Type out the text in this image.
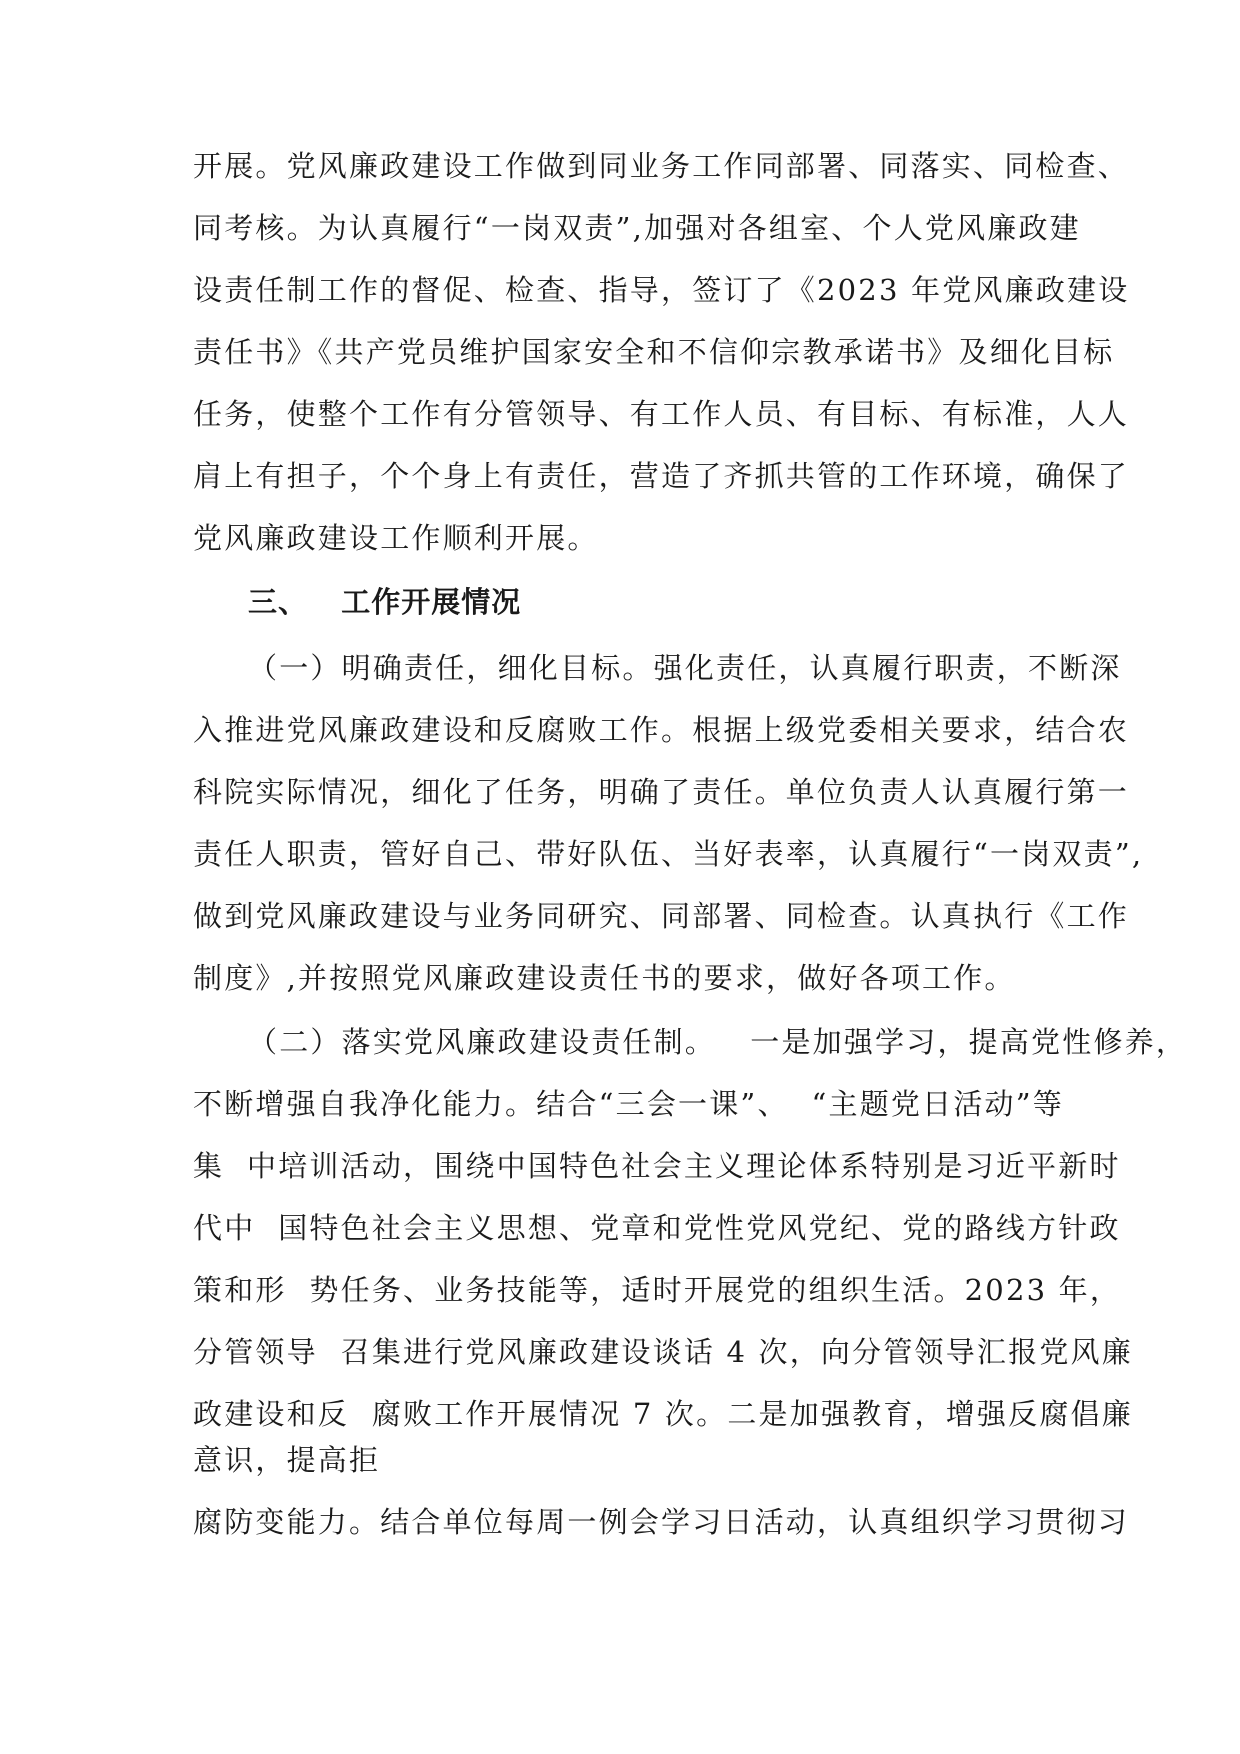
开展。党风廉政建设工作做到同业务工作同部署、同落实、同检查、
同考核。为认真履行“一岗双责”,加强对各组室、个人党风廉政建
设责任制工作的督促、检查、指导，签订了《2023 年党风廉政建设
责任书》《共产党员维护国家安全和不信仰宗教承诺书》及细化目标
任务，使整个工作有分管领导、有工作人员、有目标、有标准，人人
肩上有担子，个个身上有责任，营造了齐抓共管的工作环境，确保了
党风廉政建设工作顺利开展。
三、   工作开展情况
（一）明确责任，细化目标。强化责任，认真履行职责，不断深
入推进党风廉政建设和反腐败工作。根据上级党委相关要求，结合农
科院实际情况，细化了任务，明确了责任。单位负责人认真履行第一
责任人职责，管好自己、带好队伍、当好表率，认真履行“一岗双责”,
做到党风廉政建设与业务同研究、同部署、同检查。认真执行《工作
制度》,并按照党风廉政建设责任书的要求，做好各项工作。
（二）落实党风廉政建设责任制。   一是加强学习，提高党性修养，
不断增强自我净化能力。结合“三会一课”、  “主题党日活动”等
集  中培训活动，围绕中国特色社会主义理论体系特别是习近平新时
代中  国特色社会主义思想、党章和党性党风党纪、党的路线方针政
策和形  势任务、业务技能等，适时开展党的组织生活。2023 年，
分管领导  召集进行党风廉政建设谈话 4 次，向分管领导汇报党风廉
政建设和反  腐败工作开展情况 7 次。二是加强教育，增强反腐倡廉
意识，提高拒
腐防变能力。结合单位每周一例会学习日活动，认真组织学习贯彻习
